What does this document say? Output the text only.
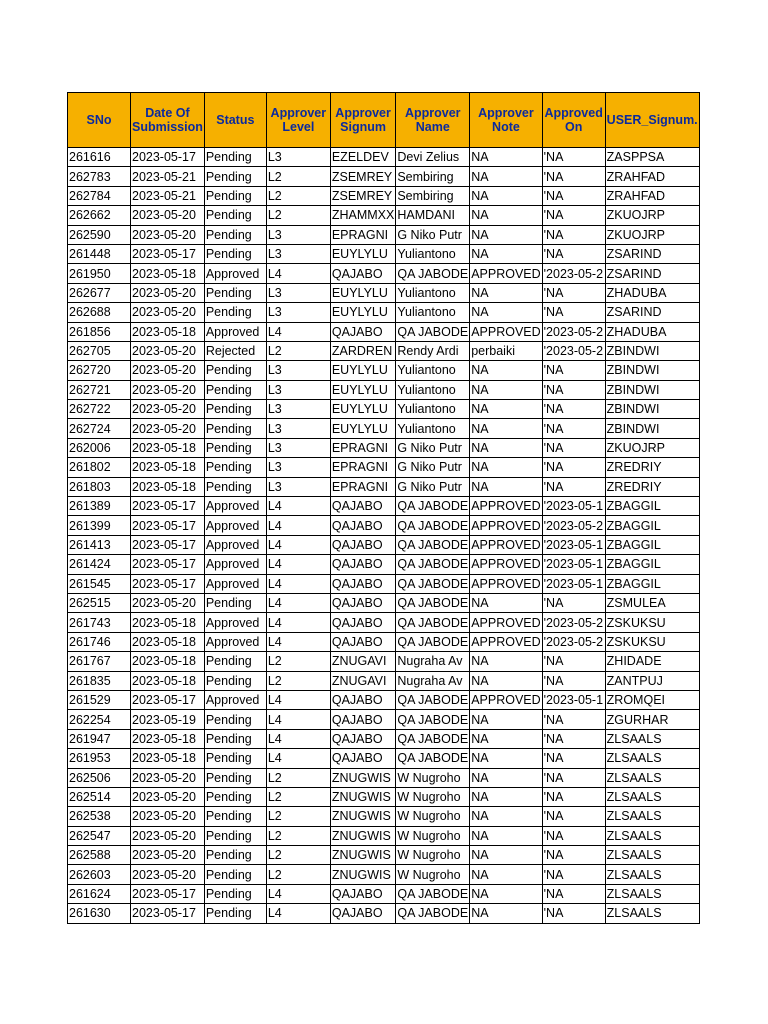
SNo	Date Of Submission	Status	Approver Level	Approver Signum	Approver Name	Approver Note	Approved On	USER_Signum.
261616	2023-05-17	Pending	L3	EZELDEV	Devi Zelius	NA	'NA	ZASPPSA
262783	2023-05-21	Pending	L2	ZSEMREY	Sembiring	NA	'NA	ZRAHFAD
262784	2023-05-21	Pending	L2	ZSEMREY	Sembiring	NA	'NA	ZRAHFAD
262662	2023-05-20	Pending	L2	ZHAMMXX	HAMDANI	NA	'NA	ZKUOJRP
262590	2023-05-20	Pending	L3	EPRAGNI	G Niko Putr	NA	'NA	ZKUOJRP
261448	2023-05-17	Pending	L3	EUYLYLU	Yuliantono	NA	'NA	ZSARIND
261950	2023-05-18	Approved	L4	QAJABO	QA JABODE	APPROVED	'2023-05-2	ZSARIND
262677	2023-05-20	Pending	L3	EUYLYLU	Yuliantono	NA	'NA	ZHADUBA
262688	2023-05-20	Pending	L3	EUYLYLU	Yuliantono	NA	'NA	ZSARIND
261856	2023-05-18	Approved	L4	QAJABO	QA JABODE	APPROVED	'2023-05-2	ZHADUBA
262705	2023-05-20	Rejected	L2	ZARDREN	Rendy Ardi	perbaiki	'2023-05-2	ZBINDWI
262720	2023-05-20	Pending	L3	EUYLYLU	Yuliantono	NA	'NA	ZBINDWI
262721	2023-05-20	Pending	L3	EUYLYLU	Yuliantono	NA	'NA	ZBINDWI
262722	2023-05-20	Pending	L3	EUYLYLU	Yuliantono	NA	'NA	ZBINDWI
262724	2023-05-20	Pending	L3	EUYLYLU	Yuliantono	NA	'NA	ZBINDWI
262006	2023-05-18	Pending	L3	EPRAGNI	G Niko Putr	NA	'NA	ZKUOJRP
261802	2023-05-18	Pending	L3	EPRAGNI	G Niko Putr	NA	'NA	ZREDRIY
261803	2023-05-18	Pending	L3	EPRAGNI	G Niko Putr	NA	'NA	ZREDRIY
261389	2023-05-17	Approved	L4	QAJABO	QA JABODE	APPROVED	'2023-05-1	ZBAGGIL
261399	2023-05-17	Approved	L4	QAJABO	QA JABODE	APPROVED	'2023-05-2	ZBAGGIL
261413	2023-05-17	Approved	L4	QAJABO	QA JABODE	APPROVED	'2023-05-1	ZBAGGIL
261424	2023-05-17	Approved	L4	QAJABO	QA JABODE	APPROVED	'2023-05-1	ZBAGGIL
261545	2023-05-17	Approved	L4	QAJABO	QA JABODE	APPROVED	'2023-05-1	ZBAGGIL
262515	2023-05-20	Pending	L4	QAJABO	QA JABODE	NA	'NA	ZSMULEA
261743	2023-05-18	Approved	L4	QAJABO	QA JABODE	APPROVED	'2023-05-2	ZSKUKSU
261746	2023-05-18	Approved	L4	QAJABO	QA JABODE	APPROVED	'2023-05-2	ZSKUKSU
261767	2023-05-18	Pending	L2	ZNUGAVI	Nugraha Av	NA	'NA	ZHIDADE
261835	2023-05-18	Pending	L2	ZNUGAVI	Nugraha Av	NA	'NA	ZANTPUJ
261529	2023-05-17	Approved	L4	QAJABO	QA JABODE	APPROVED	'2023-05-1	ZROMQEI
262254	2023-05-19	Pending	L4	QAJABO	QA JABODE	NA	'NA	ZGURHAR
261947	2023-05-18	Pending	L4	QAJABO	QA JABODE	NA	'NA	ZLSAALS
261953	2023-05-18	Pending	L4	QAJABO	QA JABODE	NA	'NA	ZLSAALS
262506	2023-05-20	Pending	L2	ZNUGWIS	W Nugroho	NA	'NA	ZLSAALS
262514	2023-05-20	Pending	L2	ZNUGWIS	W Nugroho	NA	'NA	ZLSAALS
262538	2023-05-20	Pending	L2	ZNUGWIS	W Nugroho	NA	'NA	ZLSAALS
262547	2023-05-20	Pending	L2	ZNUGWIS	W Nugroho	NA	'NA	ZLSAALS
262588	2023-05-20	Pending	L2	ZNUGWIS	W Nugroho	NA	'NA	ZLSAALS
262603	2023-05-20	Pending	L2	ZNUGWIS	W Nugroho	NA	'NA	ZLSAALS
261624	2023-05-17	Pending	L4	QAJABO	QA JABODE	NA	'NA	ZLSAALS
261630	2023-05-17	Pending	L4	QAJABO	QA JABODE	NA	'NA	ZLSAALS
